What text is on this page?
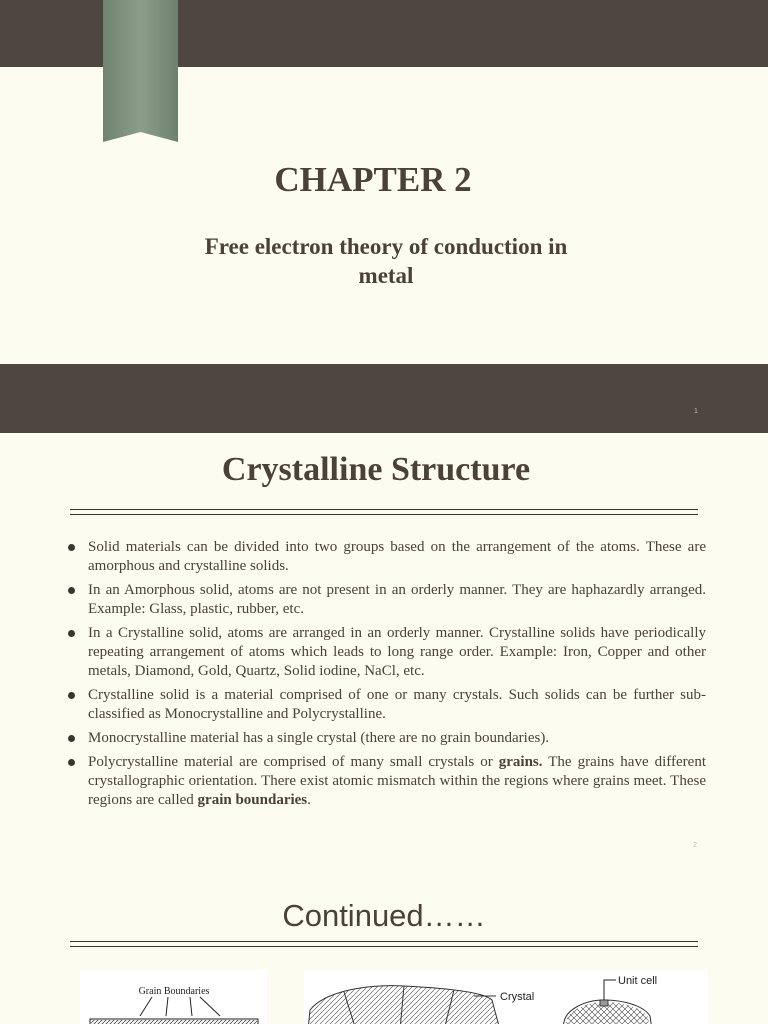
CHAPTER 2
Free electron theory of conduction in
metal
1
Crystalline Structure
Solid materials can be divided into two groups based on the arrangement of the atoms. These are amorphous and crystalline solids.
In an Amorphous solid, atoms are not present in an orderly manner. They are haphazardly arranged. Example: Glass, plastic, rubber, etc.
In a Crystalline solid, atoms are arranged in an orderly manner. Crystalline solids have periodically repeating arrangement of atoms which leads to long range order. Example: Iron, Copper and other metals, Diamond, Gold, Quartz, Solid iodine, NaCl, etc.
Crystalline solid is a material comprised of one or many crystals. Such solids can be further sub-classified as Monocrystalline and Polycrystalline.
Monocrystalline material has a single crystal (there are no grain boundaries).
Polycrystalline material are comprised of many small crystals or grains. The grains have different crystallographic orientation. There exist atomic mismatch within the regions where grains meet. These regions are called grain boundaries.
2
Continued……
Grain Boundaries	Crystal
Unit cell
